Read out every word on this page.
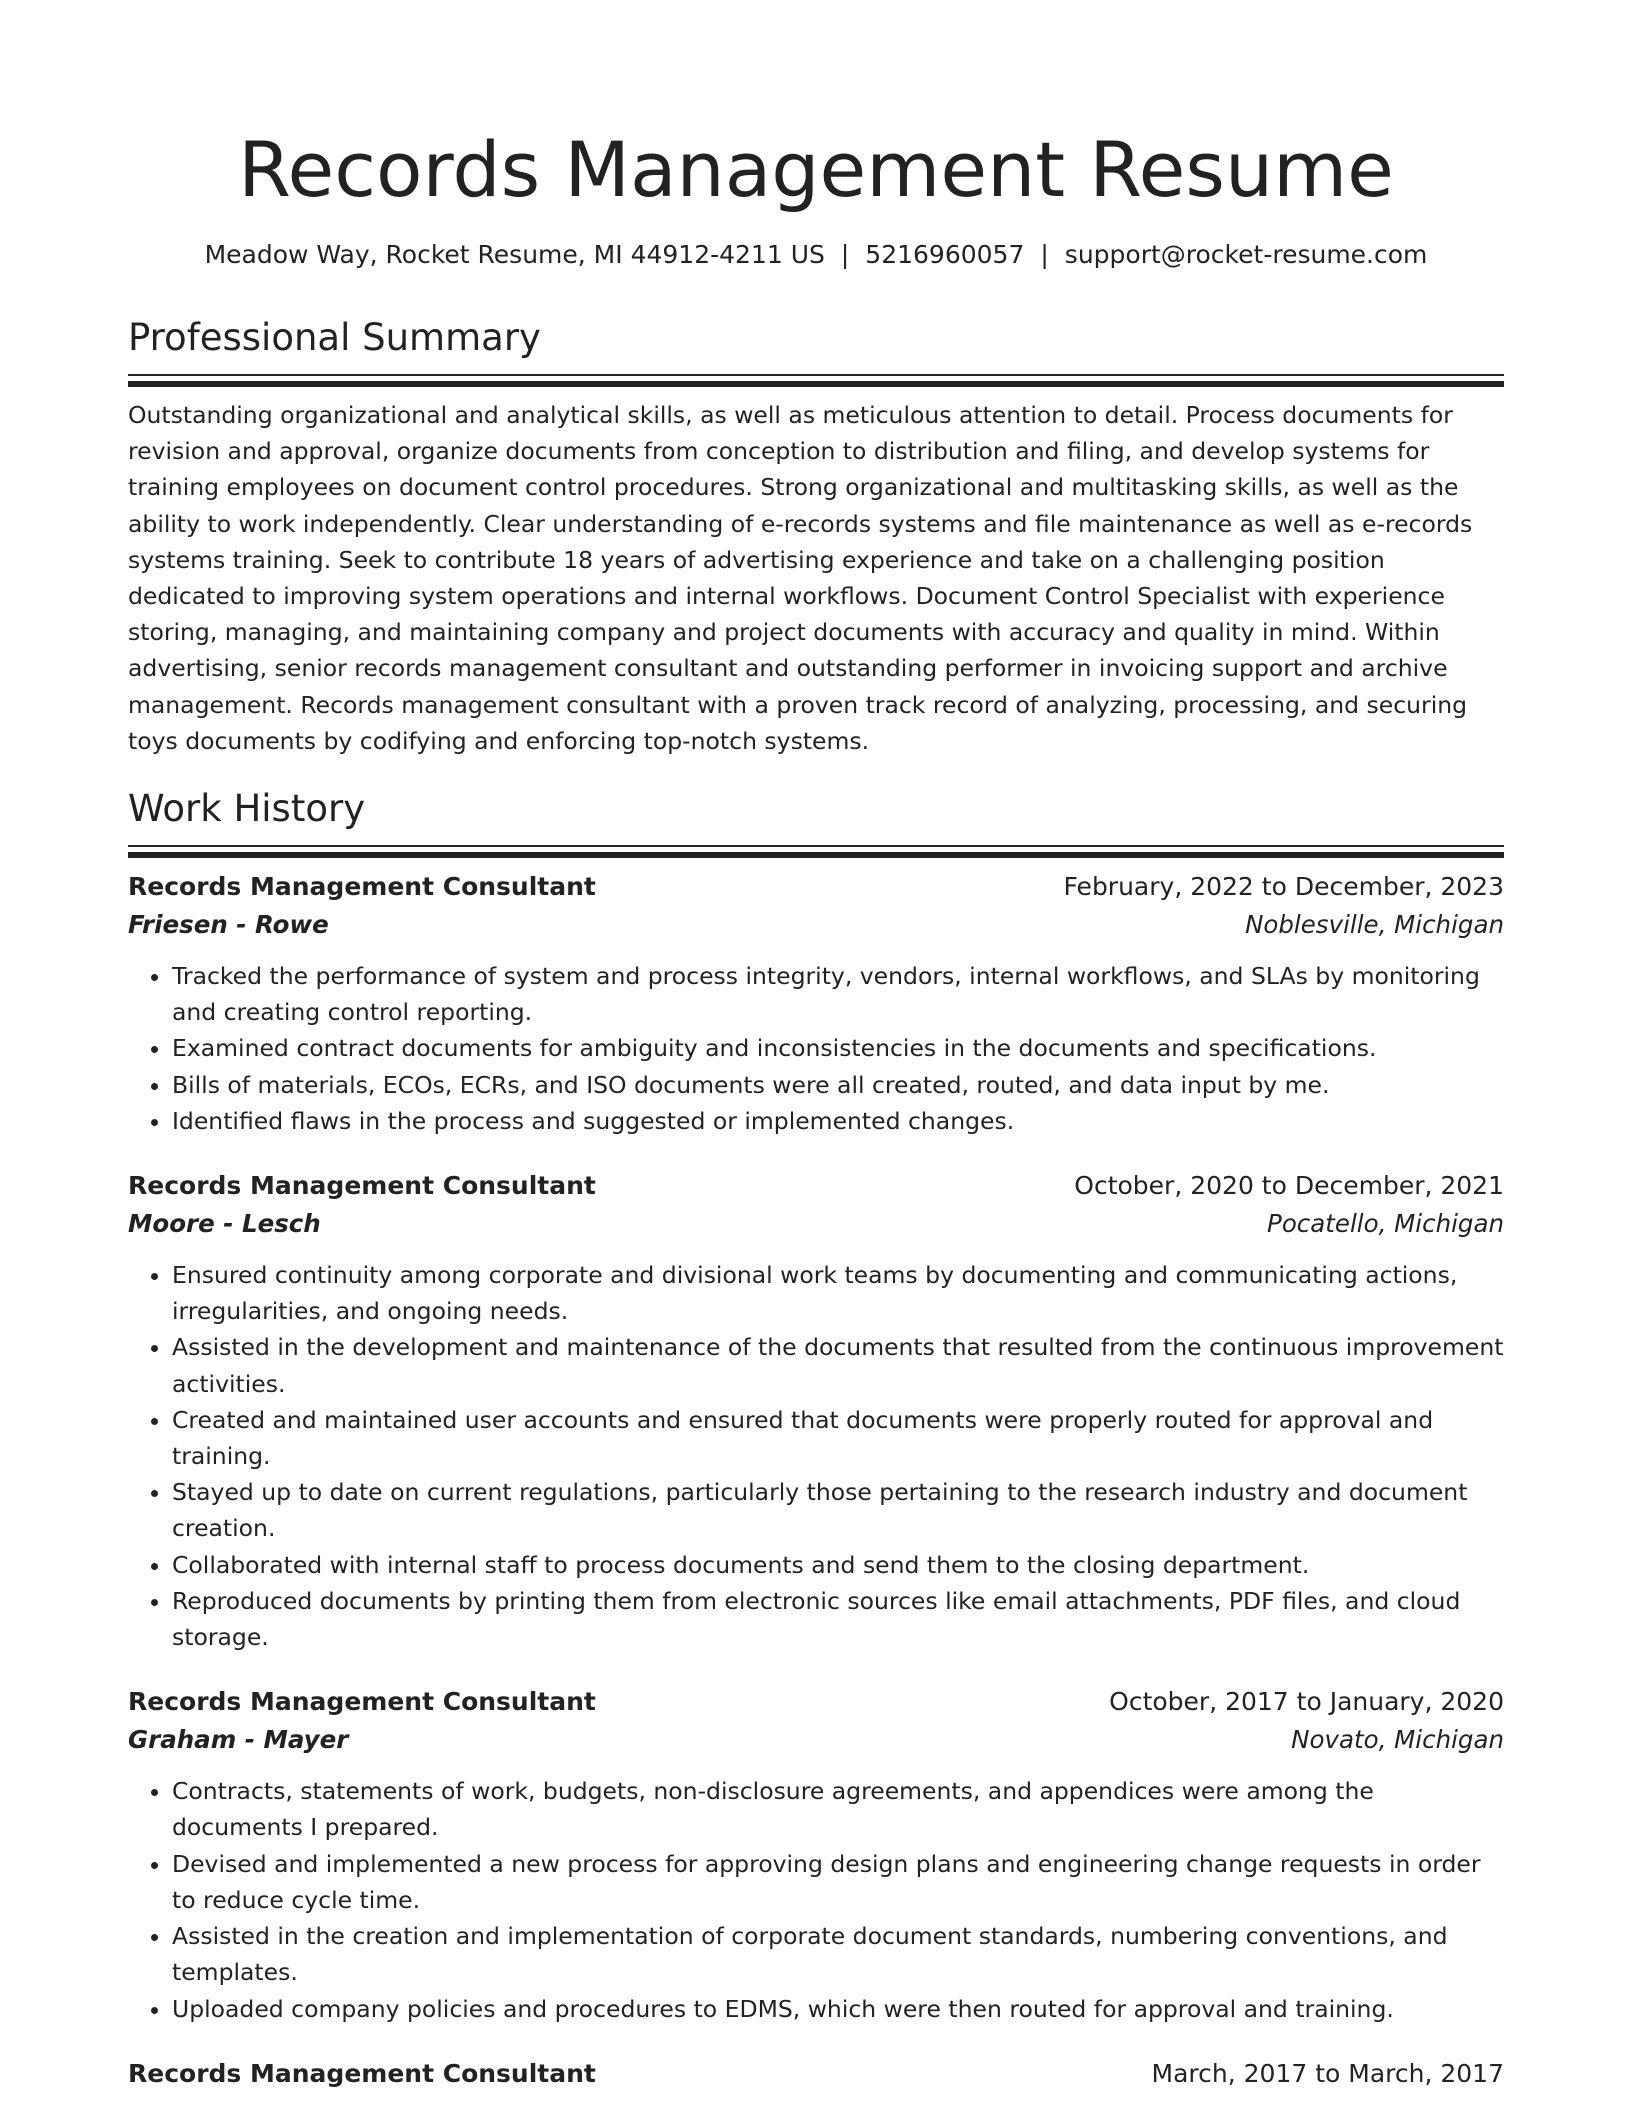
Records Management Resume
Meadow Way, Rocket Resume, MI 44912-4211 US | 5216960057 | support@rocket-resume.com
Professional Summary

Outstanding organizational and analytical skills, as well as meticulous attention to detail. Process documents for revision and approval, organize documents from conception to distribution and filing, and develop systems for training employees on document control procedures. Strong organizational and multitasking skills, as well as the ability to work independently. Clear understanding of e-records systems and file maintenance as well as e-records systems training. Seek to contribute 18 years of advertising experience and take on a challenging position dedicated to improving system operations and internal workflows. Document Control Specialist with experience storing, managing, and maintaining company and project documents with accuracy and quality in mind. Within advertising, senior records management consultant and outstanding performer in invoicing support and archive management. Records management consultant with a proven track record of analyzing, processing, and securing toys documents by codifying and enforcing top-notch systems.

Work History
Records Management Consultant	February, 2022 to December, 2023
Friesen - Rowe	Noblesville, Michigan
• Tracked the performance of system and process integrity, vendors, internal workflows, and SLAs by monitoring and creating control reporting.
• Examined contract documents for ambiguity and inconsistencies in the documents and specifications.
• Bills of materials, ECOs, ECRs, and ISO documents were all created, routed, and data input by me.
• Identified flaws in the process and suggested or implemented changes.
Records Management Consultant	October, 2020 to December, 2021
Moore - Lesch	Pocatello, Michigan
• Ensured continuity among corporate and divisional work teams by documenting and communicating actions, irregularities, and ongoing needs.
• Assisted in the development and maintenance of the documents that resulted from the continuous improvement activities.
• Created and maintained user accounts and ensured that documents were properly routed for approval and training.
• Stayed up to date on current regulations, particularly those pertaining to the research industry and document creation.
• Collaborated with internal staff to process documents and send them to the closing department.
• Reproduced documents by printing them from electronic sources like email attachments, PDF files, and cloud storage.
Records Management Consultant	October, 2017 to January, 2020
Graham - Mayer	Novato, Michigan
• Contracts, statements of work, budgets, non-disclosure agreements, and appendices were among the documents I prepared.
• Devised and implemented a new process for approving design plans and engineering change requests in order to reduce cycle time.
• Assisted in the creation and implementation of corporate document standards, numbering conventions, and templates.
• Uploaded company policies and procedures to EDMS, which were then routed for approval and training.
Records Management Consultant	March, 2017 to March, 2017
